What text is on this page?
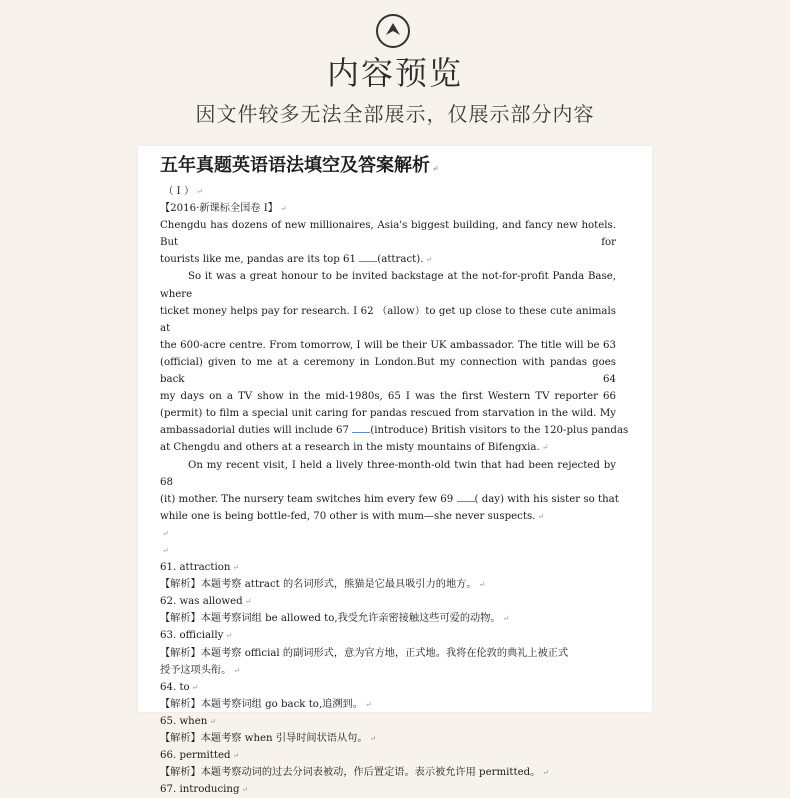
内容预览
因文件较多无法全部展示，仅展示部分内容
五年真题英语语法填空及答案解析 ↵
（ I ） ↵
【2016·新课标全国卷 I】 ↵
Chengdu has dozens of new millionaires, Asia's biggest building, and fancy new hotels. But for
tourists like me, pandas are its top 61 (attract). ↵
So it was a great honour to be invited backstage at the not-for-profit Panda Base, where
ticket money helps pay for research. I 62 （allow）to get up close to these cute animals at
the 600-acre centre. From tomorrow, I will be their UK ambassador. The title will be 63
(official) given to me at a ceremony in London.But my connection with pandas goes back 64
my days on a TV show in the mid-1980s, 65 I was the first Western TV reporter 66
(permit) to film a special unit caring for pandas rescued from starvation in the wild. My
ambassadorial duties will include 67 (introduce) British visitors to the 120-plus pandas
at Chengdu and others at a research in the misty mountains of Bifengxia. ↵
On my recent visit, I held a lively three-month-old twin that had been rejected by 68
(it) mother. The nursery team switches him every few 69 ( day) with his sister so that
while one is being bottle-fed, 70 other is with mum—she never suspects. ↵
↵
↵
61. attraction ↵
【解析】本题考察 attract 的名词形式，熊猫是它最具吸引力的地方。 ↵
62. was allowed ↵
【解析】本题考察词组 be allowed to,我受允许亲密接触这些可爱的动物。 ↵
63. officially ↵
【解析】本题考察 official 的副词形式，意为官方地，正式地。我将在伦敦的典礼上被正式
授予这项头衔。 ↵
64. to ↵
【解析】本题考察词组 go back to,追溯到。 ↵
65. when ↵
【解析】本题考察 when 引导时间状语从句。 ↵
66. permitted ↵
【解析】本题考察动词的过去分词表被动，作后置定语。表示被允许用 permitted。 ↵
67. introducing ↵
